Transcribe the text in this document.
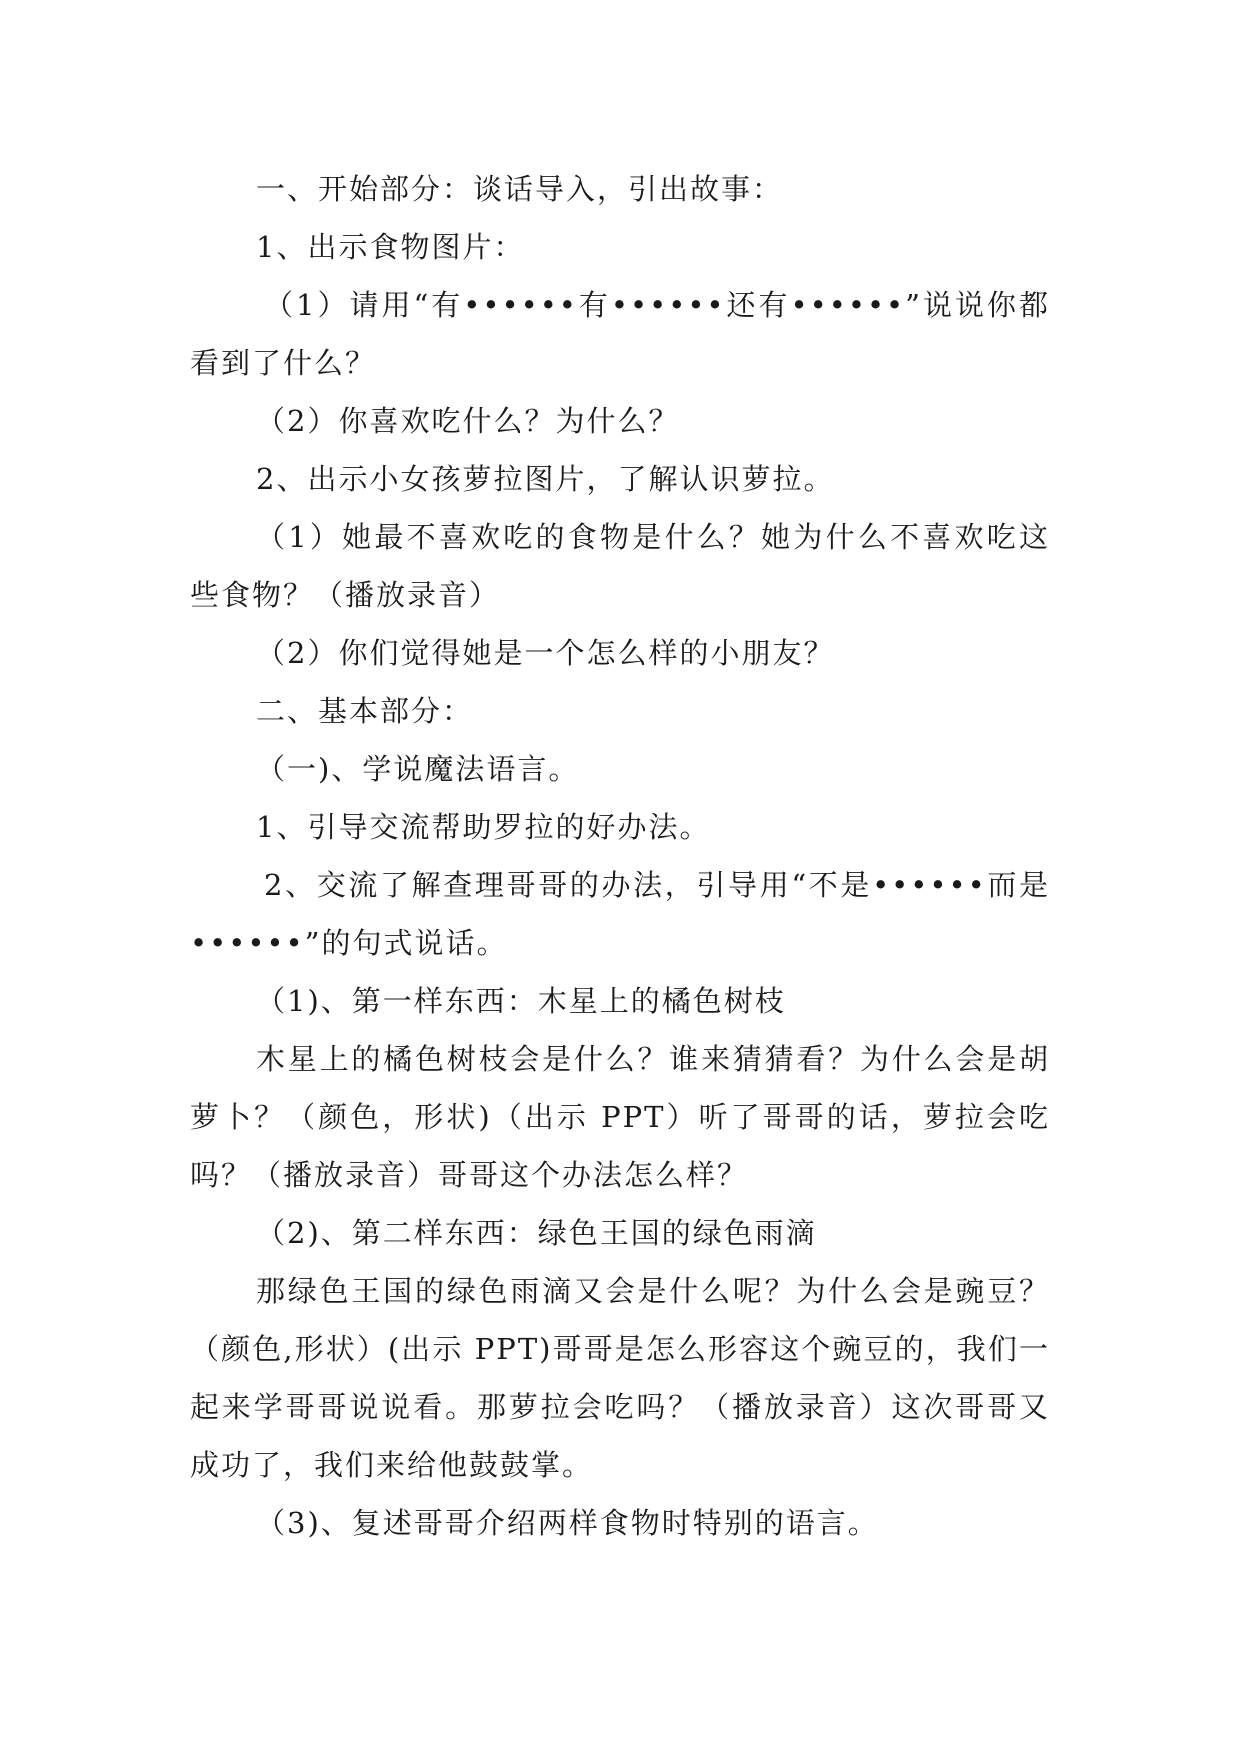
一、开始部分：谈话导入，引出故事：

1、出示食物图片：

（1）请用“有••••••有••••••还有••••••”说说你都看到了什么？

（2）你喜欢吃什么？为什么？

2、出示小女孩萝拉图片，了解认识萝拉。

（1）她最不喜欢吃的食物是什么？她为什么不喜欢吃这些食物？（播放录音）

（2）你们觉得她是一个怎么样的小朋友？

二、基本部分：

（一)、学说魔法语言。

1、引导交流帮助罗拉的好办法。

2、交流了解查理哥哥的办法，引导用“不是••••••而是••••••”的句式说话。

（1)、第一样东西：木星上的橘色树枝

木星上的橘色树枝会是什么？谁来猜猜看？为什么会是胡萝卜？（颜色，形状)（出示 PPT）听了哥哥的话，萝拉会吃吗？（播放录音）哥哥这个办法怎么样？

（2)、第二样东西：绿色王国的绿色雨滴

那绿色王国的绿色雨滴又会是什么呢？为什么会是豌豆？（颜色,形状）(出示 PPT)哥哥是怎么形容这个豌豆的，我们一起来学哥哥说说看。那萝拉会吃吗？（播放录音）这次哥哥又成功了，我们来给他鼓鼓掌。

（3)、复述哥哥介绍两样食物时特别的语言。
